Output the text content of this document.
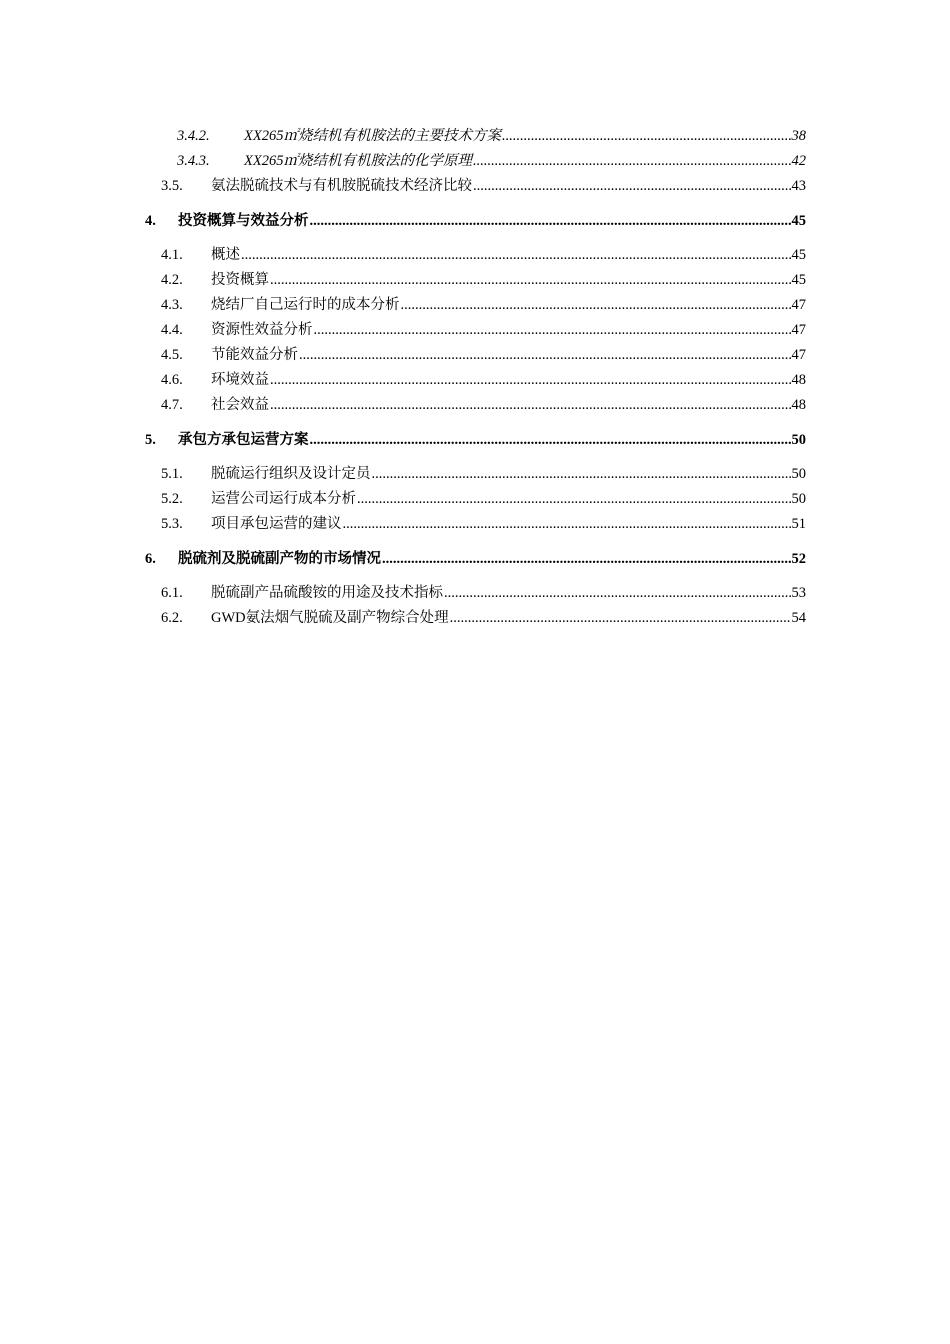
3.4.2.	XX265㎡烧结机有机胺法的主要技术方案 .....	38
3.4.3.	XX265㎡烧结机有机胺法的化学原理 .....	42
3.5.	氨法脱硫技术与有机胺脱硫技术经济比较 .....	43
4.	投资概算与效益分析 .....	45
4.1.	概述 .....	45
4.2.	投资概算 .....	45
4.3.	烧结厂自己运行时的成本分析 .....	47
4.4.	资源性效益分析 .....	47
4.5.	节能效益分析 .....	47
4.6.	环境效益 .....	48
4.7.	社会效益 .....	48
5.	承包方承包运营方案 .....	50
5.1.	脱硫运行组织及设计定员 .....	50
5.2.	运营公司运行成本分析 .....	50
5.3.	项目承包运营的建议 .....	51
6.	脱硫剂及脱硫副产物的市场情况 .....	52
6.1.	脱硫副产品硫酸铵的用途及技术指标 .....	53
6.2.	GWD氨法烟气脱硫及副产物综合处理 .....	54
